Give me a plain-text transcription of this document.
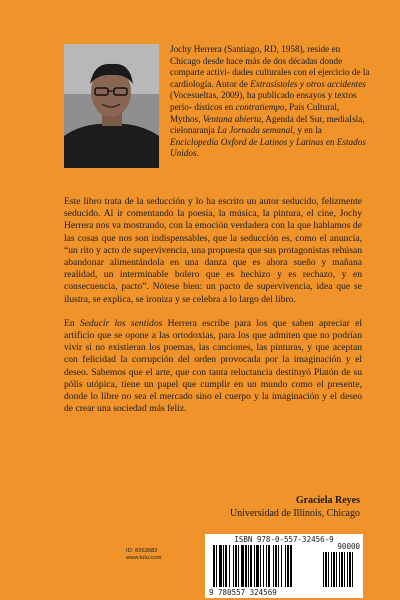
Jochy Herrera (Santiago, RD, 1958), reside en Chicago desde hace más de dos décadas donde comparte activi- dades culturales con el ejercicio de la cardiología. Autor de Extrasístoles y otros accidentes (Vocesueltas, 2009), ha publicado ensayos y textos perio- dísticos en contratiempo, País Cultural, Mythos, Ventana abierta, Agenda del Sur, mediaIsla, cielonaranja La Jornada semanal, y en la Enciclopedia Oxford de Latinos y Latinas en Estados Unidos.

Este libro trata de la seducción y lo ha escrito un autor seducido, felizmente seducido. Al ir comentando la poesía, la música, la pintura, el cine, Jochy Herrera nos va mostrando, con la emoción verdadera con la que hablamos de las cosas que nos son indispensables, que la seducción es, como el anuncia, “un rito y acto de supervivencia, una propuesta que sus protagonistas rehúsan abandonar alimentándola en una danza que es ahora sueño y mañana realidad, un interminable bolero que es hechizo y es rechazo, y en consecuencia, pacto”. Nótese bien: un pacto de supervivencia, idea que se ilustra, se explica, se ironiza y se celebra a lo largo del libro.

En Seducir los sentidos Herrera escribe para los que saben apreciar el artificio que se opone a las ortodoxias, para los que admiten que no podrían vivir si no existieran los poemas, las canciones, las pinturas, y que aceptan con felicidad la corrupción del orden provocada por la imaginación y el deseo. Sabemos que el arte, que con tanta reluctancia destituyó Platón de su pólis utópica, tiene un papel que cumplir en un mundo como el presente, donde lo libre no sea el mercado sino el cuerpo y la imaginación y el deseo de crear una sociedad más feliz.

Graciela Reyes
Universidad de Illinois, Chicago
ID: 8263082
www.lulu.com
ISBN 978-0-557-32456-9
90000
9 780557 324569
